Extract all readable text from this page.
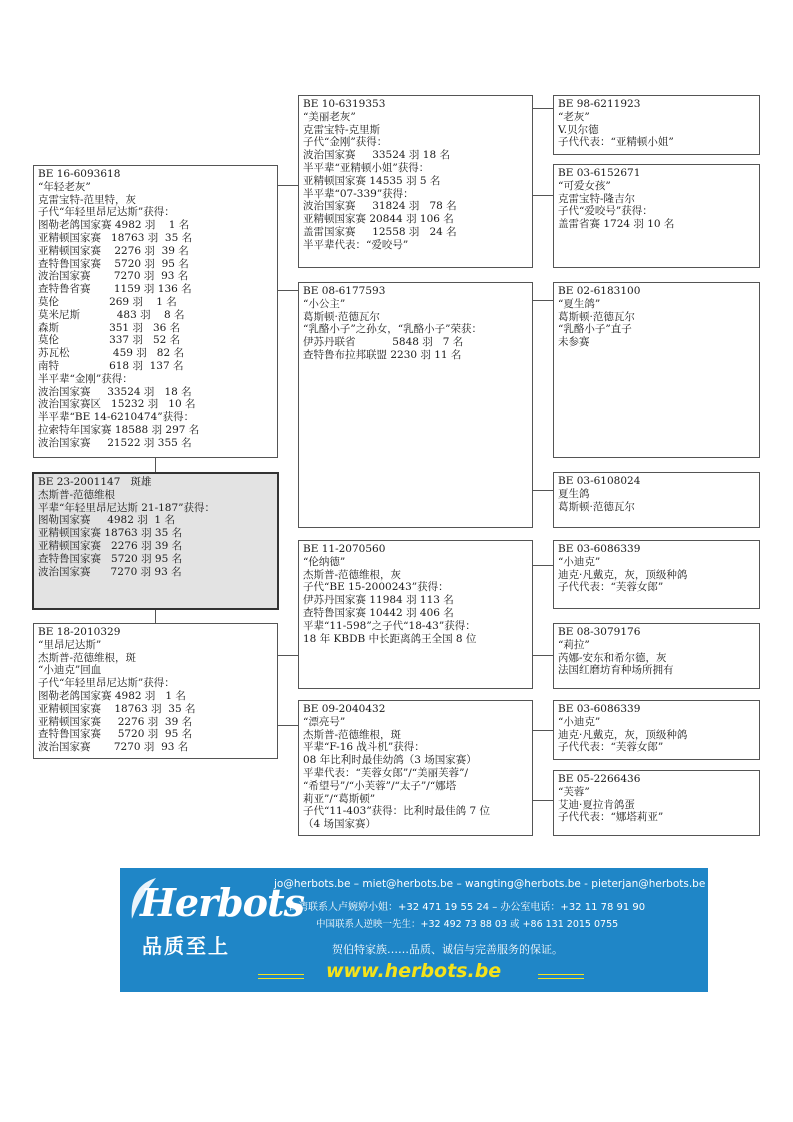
BE 16-6093618
“年轻老灰”
克雷宝特-范里特，灰
子代“年轻里昂尼达斯”获得：
图勒老鸽国家赛 4982 羽    1 名
亚精顿国家赛   18763 羽  35 名
亚精顿国家赛    2276 羽  39 名
查特鲁国家赛    5720 羽  95 名
波治国家赛       7270 羽  93 名
查特鲁省赛       1159 羽 136 名
莫伦               269 羽    1 名
莫米尼斯           483 羽    8 名
森斯               351 羽   36 名
莫伦               337 羽   52 名
苏瓦松             459 羽   82 名
南特               618 羽  137 名
半平辈“金刚”获得：
波治国家赛     33524 羽   18 名
波治国家赛区   15232 羽   10 名
半平辈“BE 14-6210474”获得：
拉索特年国家赛 18588 羽 297 名
波治国家赛     21522 羽 355 名
BE 23-2001147   斑雄
杰斯普-范德维根
平辈“年轻里昂尼达斯 21-187”获得：
图勒国家赛     4982 羽  1 名
亚精顿国家赛 18763 羽 35 名
亚精顿国家赛   2276 羽 39 名
查特鲁国家赛   5720 羽 95 名
波治国家赛      7270 羽 93 名
BE 18-2010329
“里昂尼达斯”
杰斯普-范德维根，斑
“小迪克”回血
子代“年轻里昂尼达斯”获得：
图勒老鸽国家赛 4982 羽   1 名
亚精顿国家赛    18763 羽  35 名
亚精顿国家赛     2276 羽  39 名
查特鲁国家赛     5720 羽  95 名
波治国家赛       7270 羽  93 名
BE 10-6319353
“美丽老灰”
克雷宝特-克里斯
子代“金刚”获得：
波治国家赛     33524 羽 18 名
半平辈“亚精顿小姐”获得：
亚精顿国家赛 14535 羽 5 名
半平辈“07-339”获得：
波治国家赛     31824 羽   78 名
亚精顿国家赛 20844 羽 106 名
盖雷国家赛     12558 羽   24 名
半平辈代表：“爱咬号”
BE 08-6177593
“小公主”
葛斯顿·范德瓦尔
“乳酪小子”之孙女，“乳酪小子”荣获：
伊苏丹联省           5848 羽   7 名
查特鲁布拉邦联盟 2230 羽 11 名
BE 11-2070560
“伦纳德”
杰斯普-范德维根，灰
子代“BE 15-2000243”获得：
伊苏丹国家赛 11984 羽 113 名
查特鲁国家赛 10442 羽 406 名
平辈“11-598”之子代“18-43”获得：
18 年 KBDB 中长距离鸽王全国 8 位
BE 09-2040432
“漂亮号”
杰斯普-范德维根，斑
平辈“F-16 战斗机”获得：
08 年比利时最佳幼鸽（3 场国家赛）
平辈代表：“芙蓉女郎”/“美丽芙蓉”/
“希望号”/“小芙蓉”/“太子”/“娜塔
莉亚”/“葛斯顿”
子代“11-403”获得：比利时最佳鸽 7 位
（4 场国家赛）
BE 98-6211923
“老灰”
V.贝尔德
子代代表：“亚精顿小姐”
BE 03-6152671
“可爱女孩”
克雷宝特-隆吉尔
子代“爱咬号”获得：
盖雷省赛 1724 羽 10 名
BE 02-6183100
“夏生鸽”
葛斯顿·范德瓦尔
“乳酪小子”直子
未参赛
BE 03-6108024
夏生鸽
葛斯顿·范德瓦尔
BE 03-6086339
“小迪克”
迪克·凡戴克，灰，顶级种鸽
子代代表：“芙蓉女郎”
BE 08-3079176
“莉拉”
芮娜-安东和希尔德，灰
法国红磨坊育种场所拥有
BE 03-6086339
“小迪克”
迪克·凡戴克，灰，顶级种鸽
子代代表：“芙蓉女郎”
BE 05-2266436
“芙蓉”
艾迪·夏拉肯鸽蛋
子代代表：“娜塔莉亚”
Herbots
品质至上
jo@herbots.be – miet@herbots.be – wangting@herbots.be - pieterjan@herbots.be
台湾联系人卢婉婷小姐：+32 471 19 55 24 – 办公室电话：+32 11 78 91 90
中国联系人逆映一先生：+32 492 73 88 03 或 +86 131 2015 0755
贺伯特家族……品质、诚信与完善服务的保证。
www.herbots.be
